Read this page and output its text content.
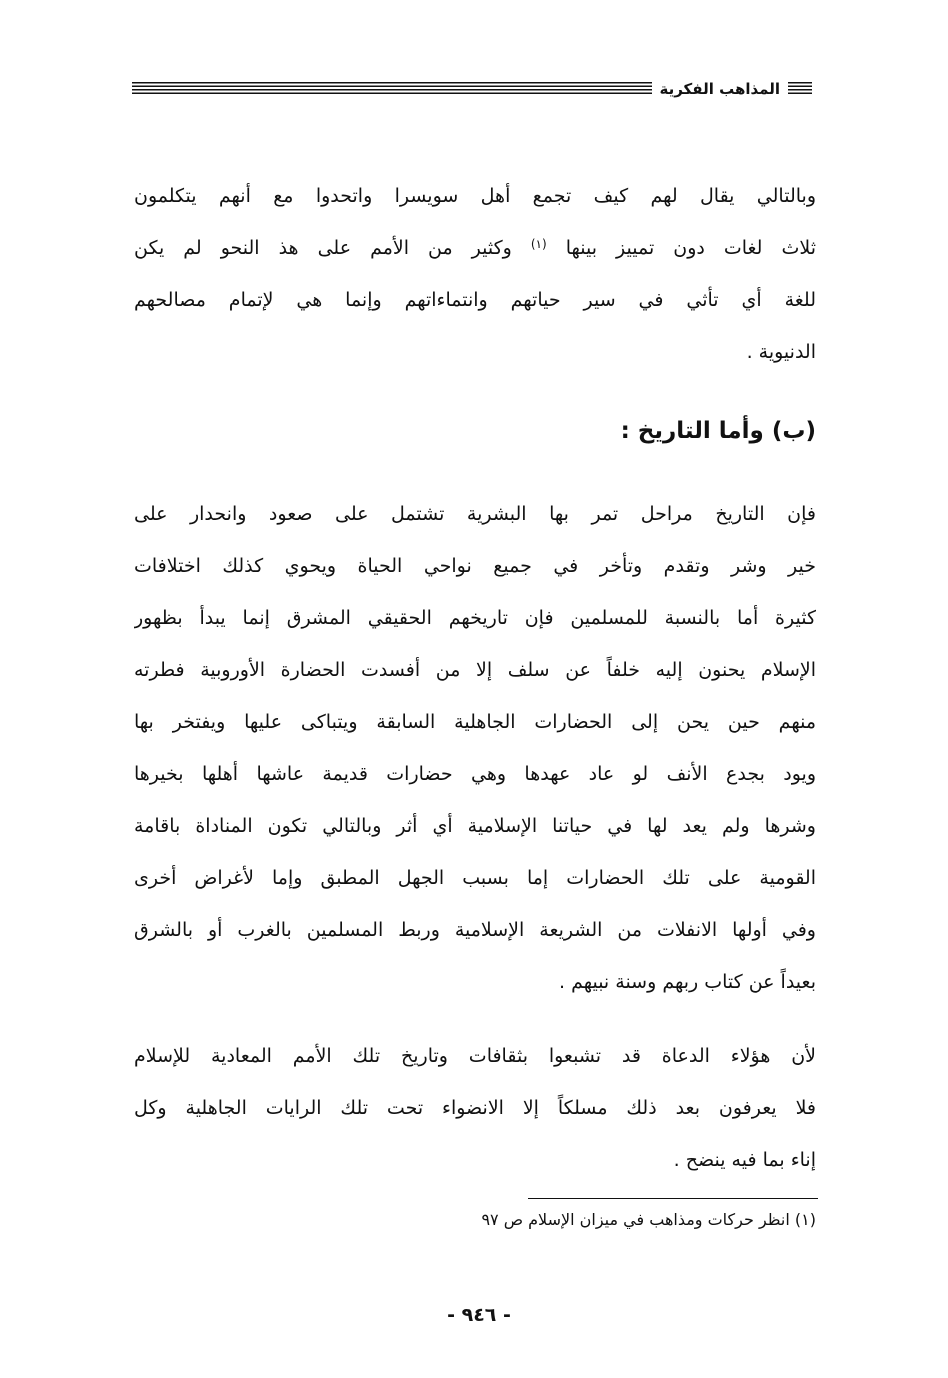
المذاهب الفكرية

وبالتالي يقال لهم كيف تجمع أهل سويسرا واتحدوا مع أنهم يتكلمون

ثلاث لغات دون تمييز بينها $^{(١)}$ وكثير من الأمم على هذ النحو لم يكن

للغة أي تأثي في سير حياتهم وانتماءاتهم وإنما هي لإتمام مصالحهم

الدنيوية .

(ب) وأما التاريخ :

فإن التاريخ مراحل تمر بها البشرية تشتمل على صعود وانحدار على

خير وشر وتقدم وتأخر في جميع نواحي الحياة ويحوي كذلك اختلافات

كثيرة أما بالنسبة للمسلمين فإن تاريخهم الحقيقي المشرق إنما يبدأ بظهور

الإسلام يحنون إليه خلفاً عن سلف إلا من أفسدت الحضارة الأوروبية فطرته

منهم حين يحن إلى الحضارات الجاهلية السابقة ويتباكى عليها ويفتخر بها

ويود بجدع الأنف لو عاد عهدها وهي حضارات قديمة عاشها أهلها بخيرها

وشرها ولم يعد لها في حياتنا الإسلامية أي أثر وبالتالي تكون المناداة باقامة

القومية على تلك الحضارات إما بسبب الجهل المطبق وإما لأغراض أخرى

وفي أولها الانفلات من الشريعة الإسلامية وربط المسلمين بالغرب أو بالشرق

بعيداً عن كتاب ربهم وسنة نبيهم .

لأن هؤلاء الدعاة قد تشبعوا بثقافات وتاريخ تلك الأمم المعادية للإسلام

فلا يعرفون بعد ذلك مسلكاً إلا الانضواء تحت تلك الرايات الجاهلية وكل

إناء بما فيه ينضح .

(١) انظر حركات ومذاهب في ميزان الإسلام ص ٩٧
- ٩٤٦ -
